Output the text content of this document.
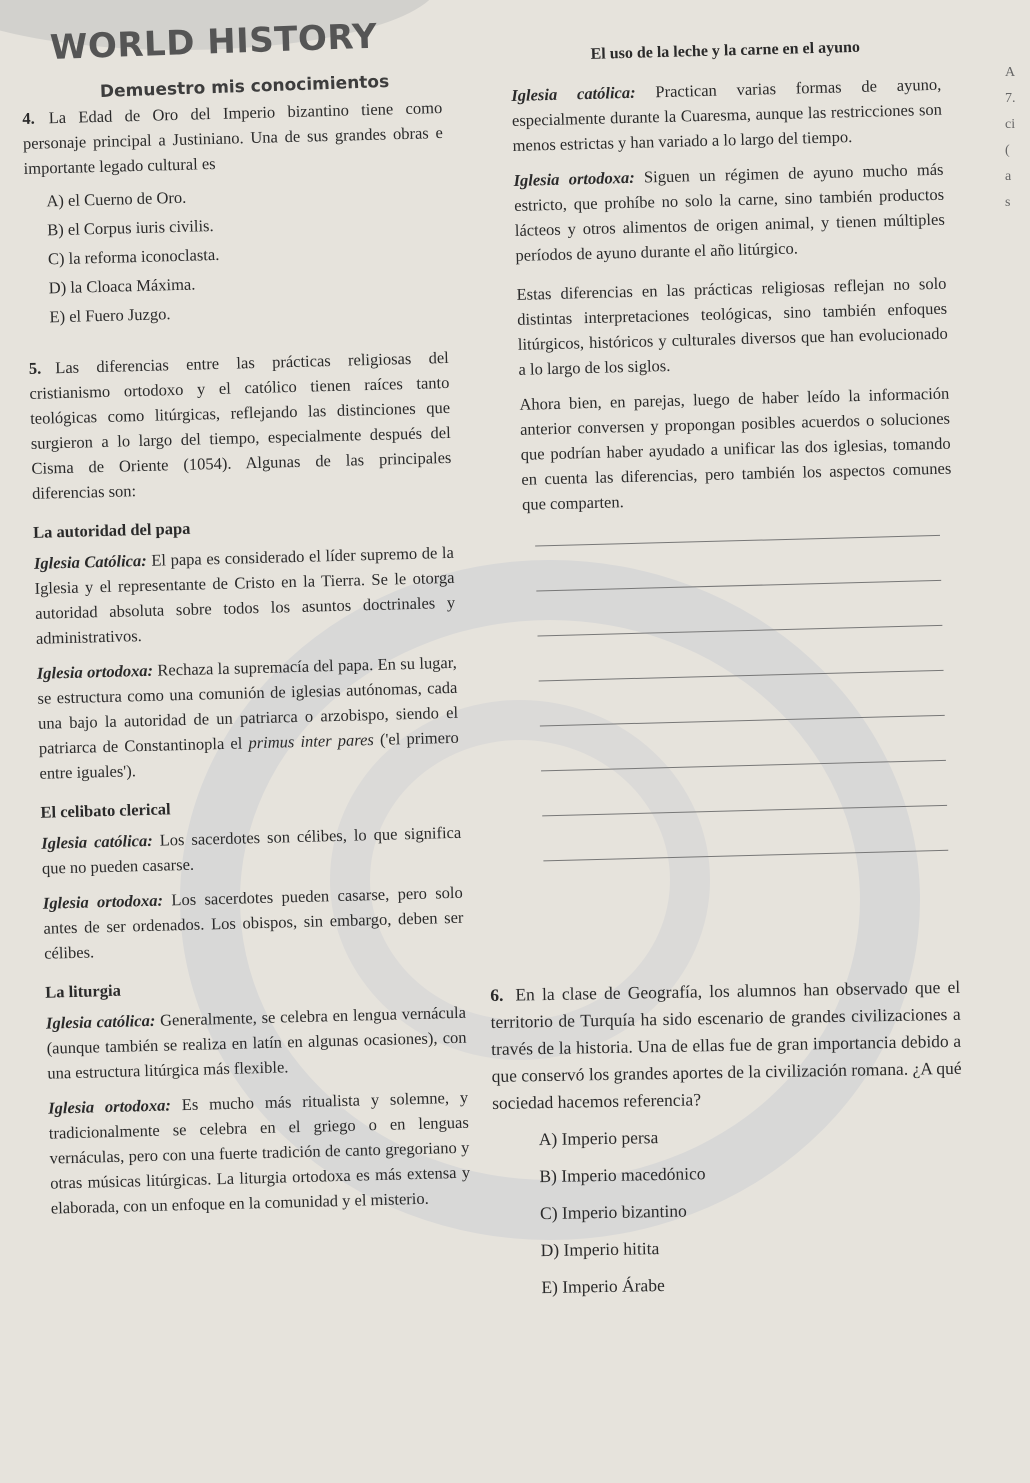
WORLD HISTORY
Demuestro mis conocimientos

4. La Edad de Oro del Imperio bizantino tiene como personaje principal a Justiniano. Una de sus grandes obras e importante legado cultural es

A) el Cuerno de Oro.
B) el Corpus iuris civilis.
C) la reforma iconoclasta.
D) la Cloaca Máxima.
E) el Fuero Juzgo.

5. Las diferencias entre las prácticas religiosas del cristianismo ortodoxo y el católico tienen raíces tanto teológicas como litúrgicas, reflejando las distinciones que surgieron a lo largo del tiempo, especialmente después del Cisma de Oriente (1054). Algunas de las principales diferencias son:

La autoridad del papa

Iglesia Católica: El papa es considerado el líder supremo de la Iglesia y el representante de Cristo en la Tierra. Se le otorga autoridad absoluta sobre todos los asuntos doctrinales y administrativos.

Iglesia ortodoxa: Rechaza la supremacía del papa. En su lugar, se estructura como una comunión de iglesias autónomas, cada una bajo la autoridad de un patriarca o arzobispo, siendo el patriarca de Constantinopla el primus inter pares ('el primero entre iguales').

El celibato clerical

Iglesia católica: Los sacerdotes son célibes, lo que significa que no pueden casarse.

Iglesia ortodoxa: Los sacerdotes pueden casarse, pero solo antes de ser ordenados. Los obispos, sin embargo, deben ser célibes.

La liturgia

Iglesia católica: Generalmente, se celebra en lengua vernácula (aunque también se realiza en latín en algunas ocasiones), con una estructura litúrgica más flexible.

Iglesia ortodoxa: Es mucho más ritualista y solemne, y tradicionalmente se celebra en el griego o en lenguas vernáculas, pero con una fuerte tradición de canto gregoriano y otras músicas litúrgicas. La liturgia ortodoxa es más extensa y elaborada, con un enfoque en la comunidad y el misterio.

El uso de la leche y la carne en el ayuno

Iglesia católica: Practican varias formas de ayuno, especialmente durante la Cuaresma, aunque las restricciones son menos estrictas y han variado a lo largo del tiempo.

Iglesia ortodoxa: Siguen un régimen de ayuno mucho más estricto, que prohíbe no solo la carne, sino también productos lácteos y otros alimentos de origen animal, y tienen múltiples períodos de ayuno durante el año litúrgico.

Estas diferencias en las prácticas religiosas reflejan no solo distintas interpretaciones teológicas, sino también enfoques litúrgicos, históricos y culturales diversos que han evolucionado a lo largo de los siglos.

Ahora bien, en parejas, luego de haber leído la información anterior conversen y propongan posibles acuerdos o soluciones que podrían haber ayudado a unificar las dos iglesias, tomando en cuenta las diferencias, pero también los aspectos comunes que comparten.

6. En la clase de Geografía, los alumnos han observado que el territorio de Turquía ha sido escenario de grandes civilizaciones a través de la historia. Una de ellas fue de gran importancia debido a que conservó los grandes aportes de la civilización romana. ¿A qué sociedad hacemos referencia?

A) Imperio persa
B) Imperio macedónico
C) Imperio bizantino
D) Imperio hitita
E) Imperio Árabe
A
7.
ci
(
a
s
